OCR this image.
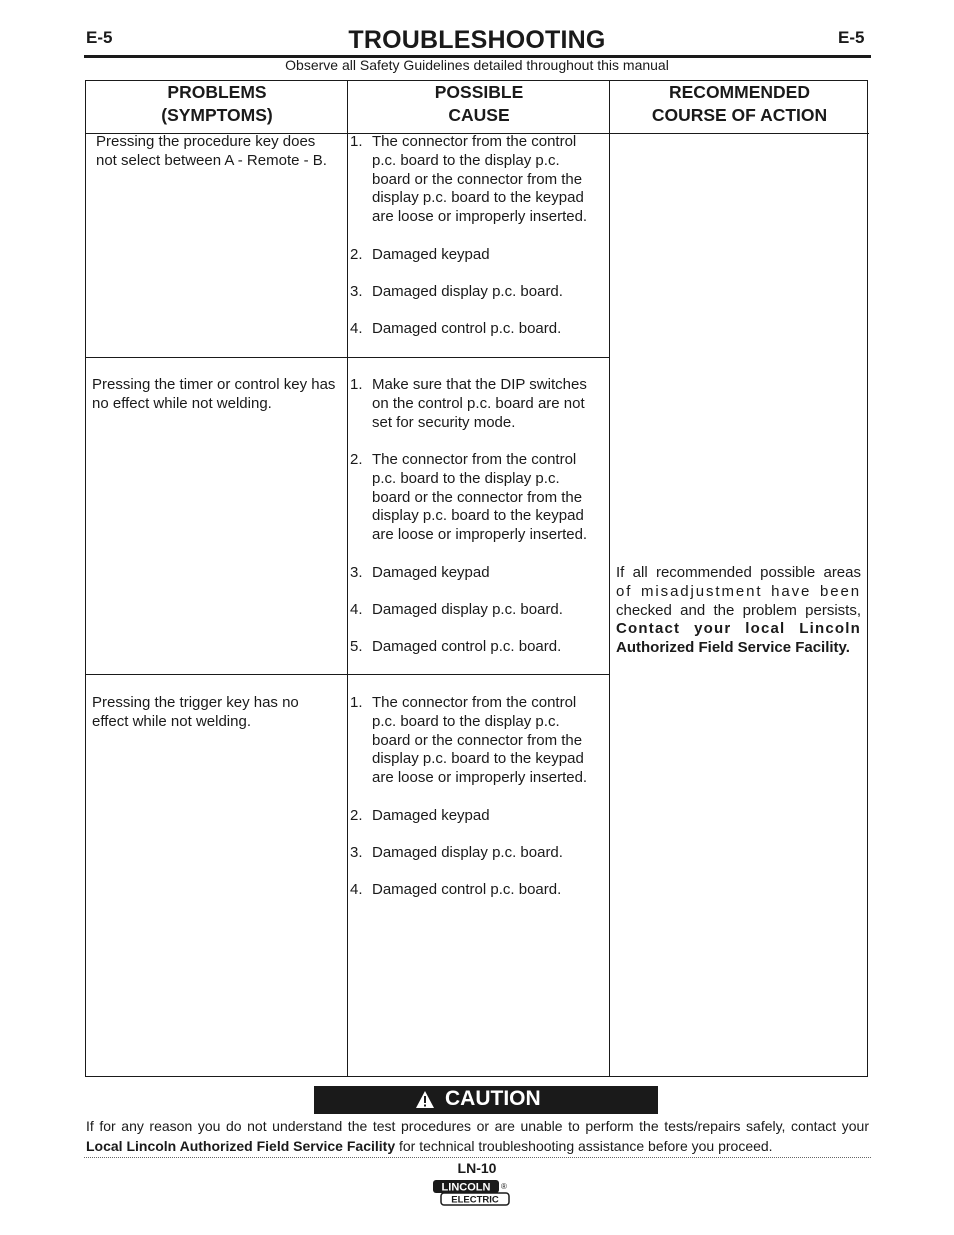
E-5	E-5
TROUBLESHOOTING
Observe all Safety Guidelines detailed throughout this manual
PROBLEMS
(SYMPTOMS)
POSSIBLE
CAUSE
RECOMMENDED
COURSE OF ACTION
Pressing the procedure key does
not select between A - Remote - B.
1. The connector from the control
p.c. board to the display p.c.
board or the connector from the
display p.c. board to the keypad
are loose or improperly inserted.
2. Damaged keypad
3. Damaged display p.c. board.
4. Damaged control p.c. board.
Pressing the timer or control key has
no effect while not welding.
1. Make sure that the DIP switches
on the control p.c. board are not
set for security mode.
2. The connector from the control
p.c. board to the display p.c.
board or the connector from the
display p.c. board to the keypad
are loose or improperly inserted.
3. Damaged keypad
4. Damaged display p.c. board.
5. Damaged control p.c. board.
Pressing the trigger key has no
effect while not welding.
1. The connector from the control
p.c. board to the display p.c.
board or the connector from the
display p.c. board to the keypad
are loose or improperly inserted.
2. Damaged keypad
3. Damaged display p.c. board.
4. Damaged control p.c. board.
If all recommended possible areas
of misadjustment have been
checked and the problem persists,
Contact your local Lincoln
Authorized Field Service Facility.
CAUTION
If for any reason you do not understand the test procedures or are unable to perform the tests/repairs safely, contact your Local Lincoln Authorized Field Service Facility for technical troubleshooting assistance before you proceed.
LN-10
LINCOLN
ELECTRIC
®
